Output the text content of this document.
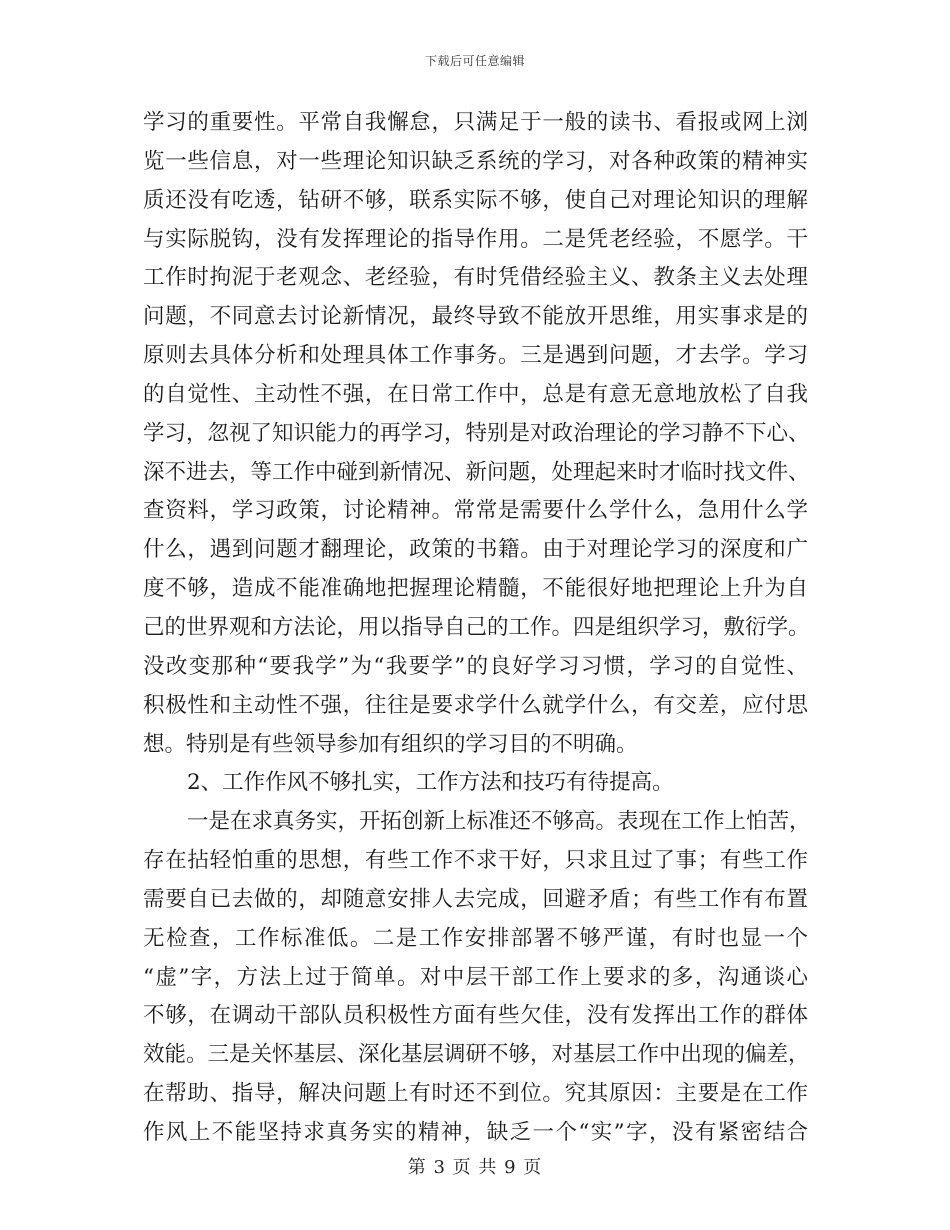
下载后可任意编辑
学习的重要性。平常自我懈怠，只满足于一般的读书、看报或网上浏
览一些信息，对一些理论知识缺乏系统的学习，对各种政策的精神实
质还没有吃透，钻研不够，联系实际不够，使自己对理论知识的理解
与实际脱钩，没有发挥理论的指导作用。二是凭老经验，不愿学。干
工作时拘泥于老观念、老经验，有时凭借经验主义、教条主义去处理
问题，不同意去讨论新情况，最终导致不能放开思维，用实事求是的
原则去具体分析和处理具体工作事务。三是遇到问题，才去学。学习
的自觉性、主动性不强，在日常工作中，总是有意无意地放松了自我
学习，忽视了知识能力的再学习，特别是对政治理论的学习静不下心、
深不进去，等工作中碰到新情况、新问题，处理起来时才临时找文件、
查资料，学习政策，讨论精神。常常是需要什么学什么，急用什么学
什么，遇到问题才翻理论，政策的书籍。由于对理论学习的深度和广
度不够，造成不能准确地把握理论精髓，不能很好地把理论上升为自
己的世界观和方法论，用以指导自己的工作。四是组织学习，敷衍学。
没改变那种“要我学”为“我要学”的良好学习习惯，学习的自觉性、
积极性和主动性不强，往往是要求学什么就学什么，有交差，应付思
想。特别是有些领导参加有组织的学习目的不明确。
2、工作作风不够扎实，工作方法和技巧有待提高。
一是在求真务实，开拓创新上标准还不够高。表现在工作上怕苦，
存在拈轻怕重的思想，有些工作不求干好，只求且过了事；有些工作
需要自已去做的，却随意安排人去完成，回避矛盾；有些工作有布置
无检查，工作标准低。二是工作安排部署不够严谨，有时也显一个
“虚”字，方法上过于简单。对中层干部工作上要求的多，沟通谈心
不够，在调动干部队员积极性方面有些欠佳，没有发挥出工作的群体
效能。三是关怀基层、深化基层调研不够，对基层工作中出现的偏差，
在帮助、指导，解决问题上有时还不到位。究其原因：主要是在工作
作风上不能坚持求真务实的精神，缺乏一个“实”字，没有紧密结合
第 3 页 共 9 页
